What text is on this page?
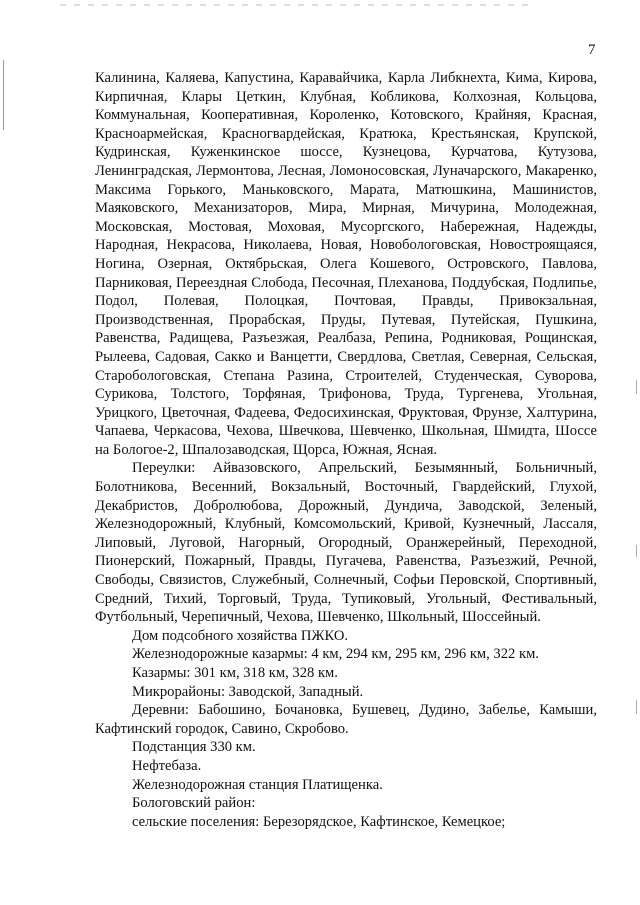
7

Калинина, Каляева, Капустина, Каравайчика, Карла Либкнехта, Кима, Кирова, Кирпичная, Клары Цеткин, Клубная, Кобликова, Колхозная, Кольцова, Коммунальная, Кооперативная, Короленко, Котовского, Крайняя, Красная, Красноармейская, Красногвардейская, Кратюка, Крестьянская, Крупской, Кудринская, Куженкинское шоссе, Кузнецова, Курчатова, Кутузова, Ленинградская, Лермонтова, Лесная, Ломоносовская, Луначарского, Макаренко, Максима Горького, Маньковского, Марата, Матюшкина, Машинистов, Маяковского, Механизаторов, Мира, Мирная, Мичурина, Молодежная, Московская, Мостовая, Моховая, Мусоргского, Набережная, Надежды, Народная, Некрасова, Николаева, Новая, Новобологовская, Новостроящаяся, Ногина, Озерная, Октябрьская, Олега Кошевого, Островского, Павлова, Парниковая, Переездная Слобода, Песочная, Плеханова, Поддубская, Подлипье, Подол, Полевая, Полоцкая, Почтовая, Правды, Привокзальная, Производственная, Прорабская, Пруды, Путевая, Путейская, Пушкина, Равенства, Радищева, Разъезжая, Реалбаза, Репина, Родниковая, Рощинская, Рылеева, Садовая, Сакко и Ванцетти, Свердлова, Светлая, Северная, Сельская, Старобологовская, Степана Разина, Строителей, Студенческая, Суворова, Сурикова, Толстого, Торфяная, Трифонова, Труда, Тургенева, Угольная, Урицкого, Цветочная, Фадеева, Федосихинская, Фруктовая, Фрунзе, Халтурина, Чапаева, Черкасова, Чехова, Швечкова, Шевченко, Школьная, Шмидта, Шоссе на Бологое-2, Шпалозаводская, Щорса, Южная, Ясная.

Переулки: Айвазовского, Апрельский, Безымянный, Больничный, Болотникова, Весенний, Вокзальный, Восточный, Гвардейский, Глухой, Декабристов, Добролюбова, Дорожный, Дундича, Заводской, Зеленый, Железнодорожный, Клубный, Комсомольский, Кривой, Кузнечный, Лассаля, Липовый, Луговой, Нагорный, Огородный, Оранжерейный, Переходной, Пионерский, Пожарный, Правды, Пугачева, Равенства, Разъезжий, Речной, Свободы, Связистов, Служебный, Солнечный, Софьи Перовской, Спортивный, Средний, Тихий, Торговый, Труда, Тупиковый, Угольный, Фестивальный, Футбольный, Черепичный, Чехова, Шевченко, Школьный, Шоссейный.

Дом подсобного хозяйства ПЖКО.

Железнодорожные казармы: 4 км, 294 км, 295 км, 296 км, 322 км.

Казармы: 301 км, 318 км, 328 км.

Микрорайоны: Заводской, Западный.

Деревни: Бабошино, Бочановка, Бушевец, Дудино, Забелье, Камыши, Кафтинский городок, Савино, Скробово.

Подстанция 330 км.

Нефтебаза.

Железнодорожная станция Платищенка.

Бологовский район:

сельские поселения: Березорядское, Кафтинское, Кемецкое;
